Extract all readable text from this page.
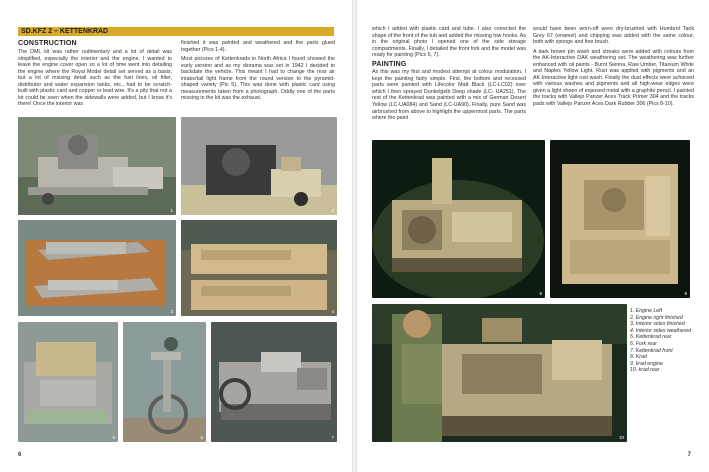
SD.KFZ 2 – KETTENKRAD
CONSTRUCTION

The DML kit was rather rudimentary and a lot of detail was simplified, especially the interior and the engine. I wanted to leave the engine cover open so a lot of time went into detailing the engine where the Royal Model detail set served as a basis, but a lot of missing detail such as the fuel lines, oil filter, distributor and water expansion tanks, etc., had to be scratch-built with plastic card and copper or lead wire. It's a pity that not a lot could be seen when the sidewalls were added, but I know it's there! Once the interior was

finished it was painted and weathered and the parts glued together (Pics 1-4).

Most pictures of Kettenkrads in North Africa I found showed the early version and as my diorama was set in 1942 I decided to backdate the vehicle. This meant I had to change the rear air intake/tail light frame from the round version to the pyramid-shaped variety (Pic 5). This was done with plastic card using measurements taken from a photograph. Oddly one of the parts missing in the kit was the exhaust,

1	2
3	4
5	6	7
6

which I added with plastic card and tube. I also corrected the shape of the front of the tub and added the missing tow hooks. As in the original photo I opened one of the side storage compartments. Finally, I detailed the front fork and the model was ready for painting (Pics 6, 7).

PAINTING

As this was my first and modest attempt at colour modulation, I kept the painting fairly simple. First, the bottom and recessed parts were painted with Lifecolor Matt Black (LC-LC02) over which I then sprayed Dunkelgelb Deep shade (LC- UA251). The rest of the Kettenkrad was painted with a mix of German Desert Yellow (LC-UA084) and Sand (LC-UA90). Finally, pure Sand was airbrushed from above to highlight the uppermost parts. The parts where the paint

would have been worn-off were dry-brushed with Humbrol Tank Grey 67 (enamel) and chipping was added with the same colour, both with sponge and fine brush.

A dark brown pin wash and streaks were added with colours from the AK-Interactive DAK weathering set. The weathering was further enhanced with oil paints - Burnt Sienna, Raw Umber, Titanium White and Naples Yellow Light. Rust was applied with pigments and an AK-Interactive light rust wash. Finally the dust effects were achieved with various washes and pigments and all high-wear edges were given a light sheen of exposed metal with a graphite pencil. I painted the tracks with Vallejo Panzer Aces Track Primer 304 and the tracks pads with Vallejo Panzer Aces Dark Rubber 306 (Pics 8-10).

8	9
10
7
1. Engine Left
2. Engine right finished
3. Interior sides finished
4. Interior sides weathered
5. Kettenkrad rear
6. Fork rear
7. Kettenkrad front
8. Krad
9. krad engine
10. krad rear
